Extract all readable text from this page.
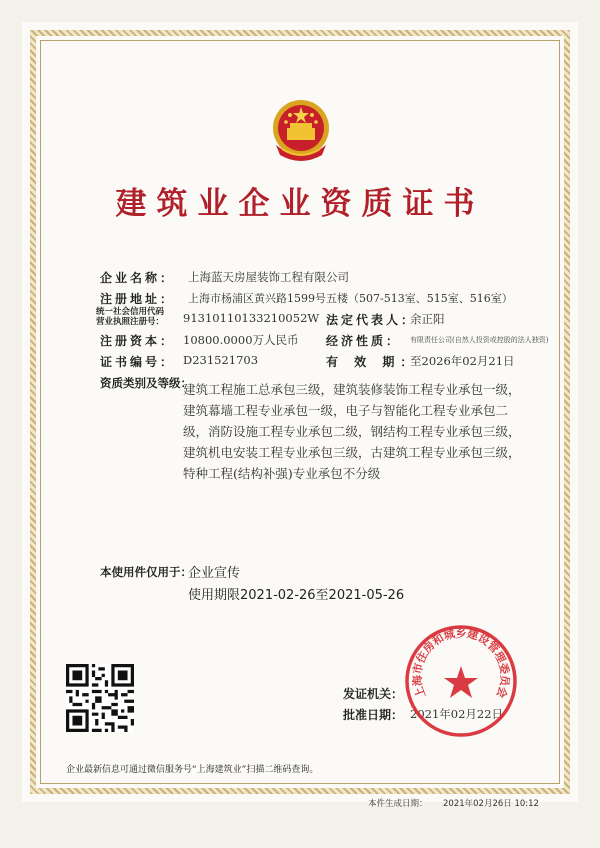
建筑业企业资质证书
企业名称： 上海蓝天房屋装饰工程有限公司
注册地址： 上海市杨浦区黄兴路1599号五楼（507-513室、515室、516室）
统一社会信用代码
营业执照注册号： 91310110133210052W 法定代表人：
余正阳
注册资本： 10800.0000万人民币 经济性质： 有限责任公司(自然人投资或控股的法人独资)
证书编号： D231521703	有 效 期：
至2026年02月21日
资质类别及等级：
建筑工程施工总承包三级，建筑装修装饰工程专业承包一级，建筑幕墙工程专业承包一级，电子与智能化工程专业承包二级，消防设施工程专业承包二级，钢结构工程专业承包三级，建筑机电安装工程专业承包三级，古建筑工程专业承包三级，特种工程(结构补强)专业承包不分级
本使用件仅用于：
企业宣传
使用期限2021-02-26至2021-05-26
发证机关：
批准日期： 2021年02月22日
上海市住房和城乡建设管理委员会
企业最新信息可通过微信服务号“上海建筑业”扫描二维码查询。
本件生成日期： 2021年02月26日 10:12
